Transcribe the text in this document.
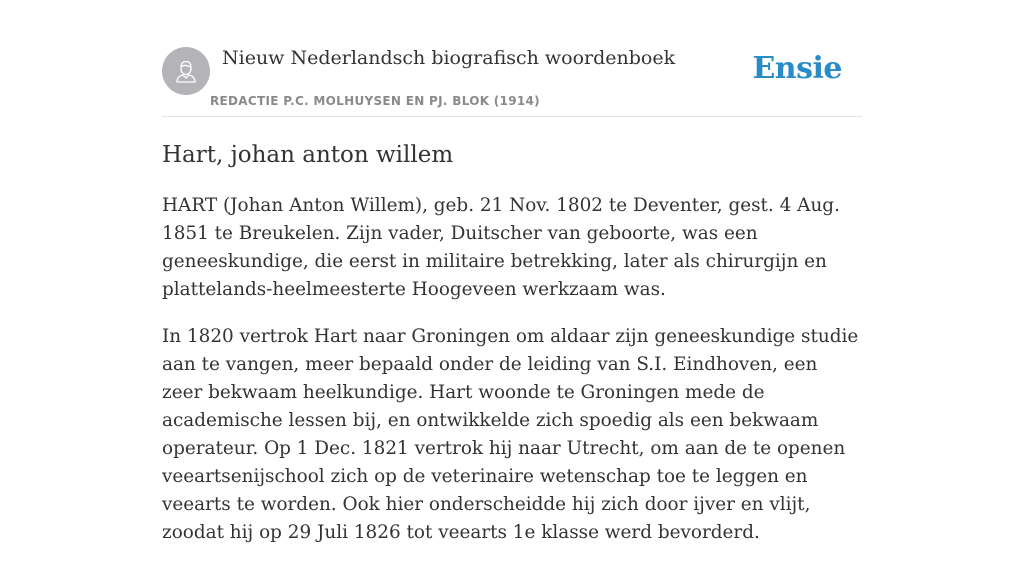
Nieuw Nederlandsch biografisch woordenboek
REDACTIE P.C. MOLHUYSEN EN PJ. BLOK (1914)
Ensie
Hart, johan anton willem

HART (Johan Anton Willem), geb. 21 Nov. 1802 te Deventer, gest. 4 Aug. 1851 te Breukelen. Zijn vader, Duitscher van geboorte, was een geneeskundige, die eerst in militaire betrekking, later als chirurgijn en plattelands-heelmeesterte Hoogeveen werkzaam was.

In 1820 vertrok Hart naar Groningen om aldaar zijn geneeskundige studie aan te vangen, meer bepaald onder de leiding van S.I. Eindhoven, een zeer bekwaam heelkundige. Hart woonde te Groningen mede de academische lessen bij, en ontwikkelde zich spoedig als een bekwaam operateur. Op 1 Dec. 1821 vertrok hij naar Utrecht, om aan de te openen veeartsenijschool zich op de veterinaire wetenschap toe te leggen en veearts te worden. Ook hier onderscheidde hij zich door ijver en vlijt, zoodat hij op 29 Juli 1826 tot veearts 1e klasse werd bevorderd.
